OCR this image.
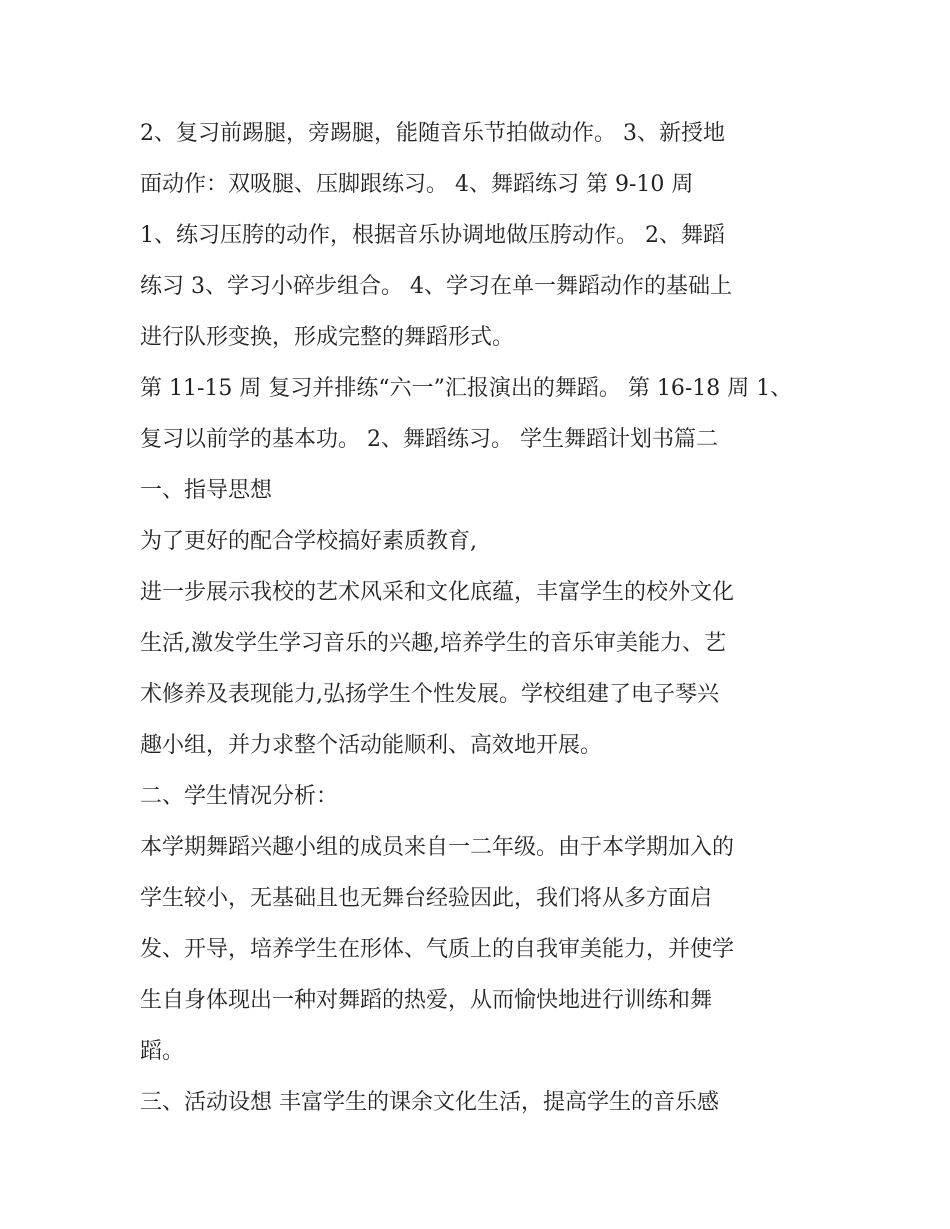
2、复习前踢腿，旁踢腿，能随音乐节拍做动作。 3、新授地
面动作：双吸腿、压脚跟练习。 4、舞蹈练习 第 9-10 周
1、练习压胯的动作，根据音乐协调地做压胯动作。 2、舞蹈
练习 3、学习小碎步组合。 4、学习在单一舞蹈动作的基础上
进行队形变换，形成完整的舞蹈形式。
第 11-15 周 复习并排练“六一”汇报演出的舞蹈。 第 16-18 周 1、
复习以前学的基本功。 2、舞蹈练习。 学生舞蹈计划书篇二
一、指导思想
为了更好的配合学校搞好素质教育,
进一步展示我校的艺术风采和文化底蕴，丰富学生的校外文化
生活,激发学生学习音乐的兴趣,培养学生的音乐审美能力、艺
术修养及表现能力,弘扬学生个性发展。学校组建了电子琴兴
趣小组，并力求整个活动能顺利、高效地开展。
二、学生情况分析：
本学期舞蹈兴趣小组的成员来自一二年级。由于本学期加入的
学生较小，无基础且也无舞台经验因此，我们将从多方面启
发、开导，培养学生在形体、气质上的自我审美能力，并使学
生自身体现出一种对舞蹈的热爱，从而愉快地进行训练和舞
蹈。
三、活动设想 丰富学生的课余文化生活，提高学生的音乐感
